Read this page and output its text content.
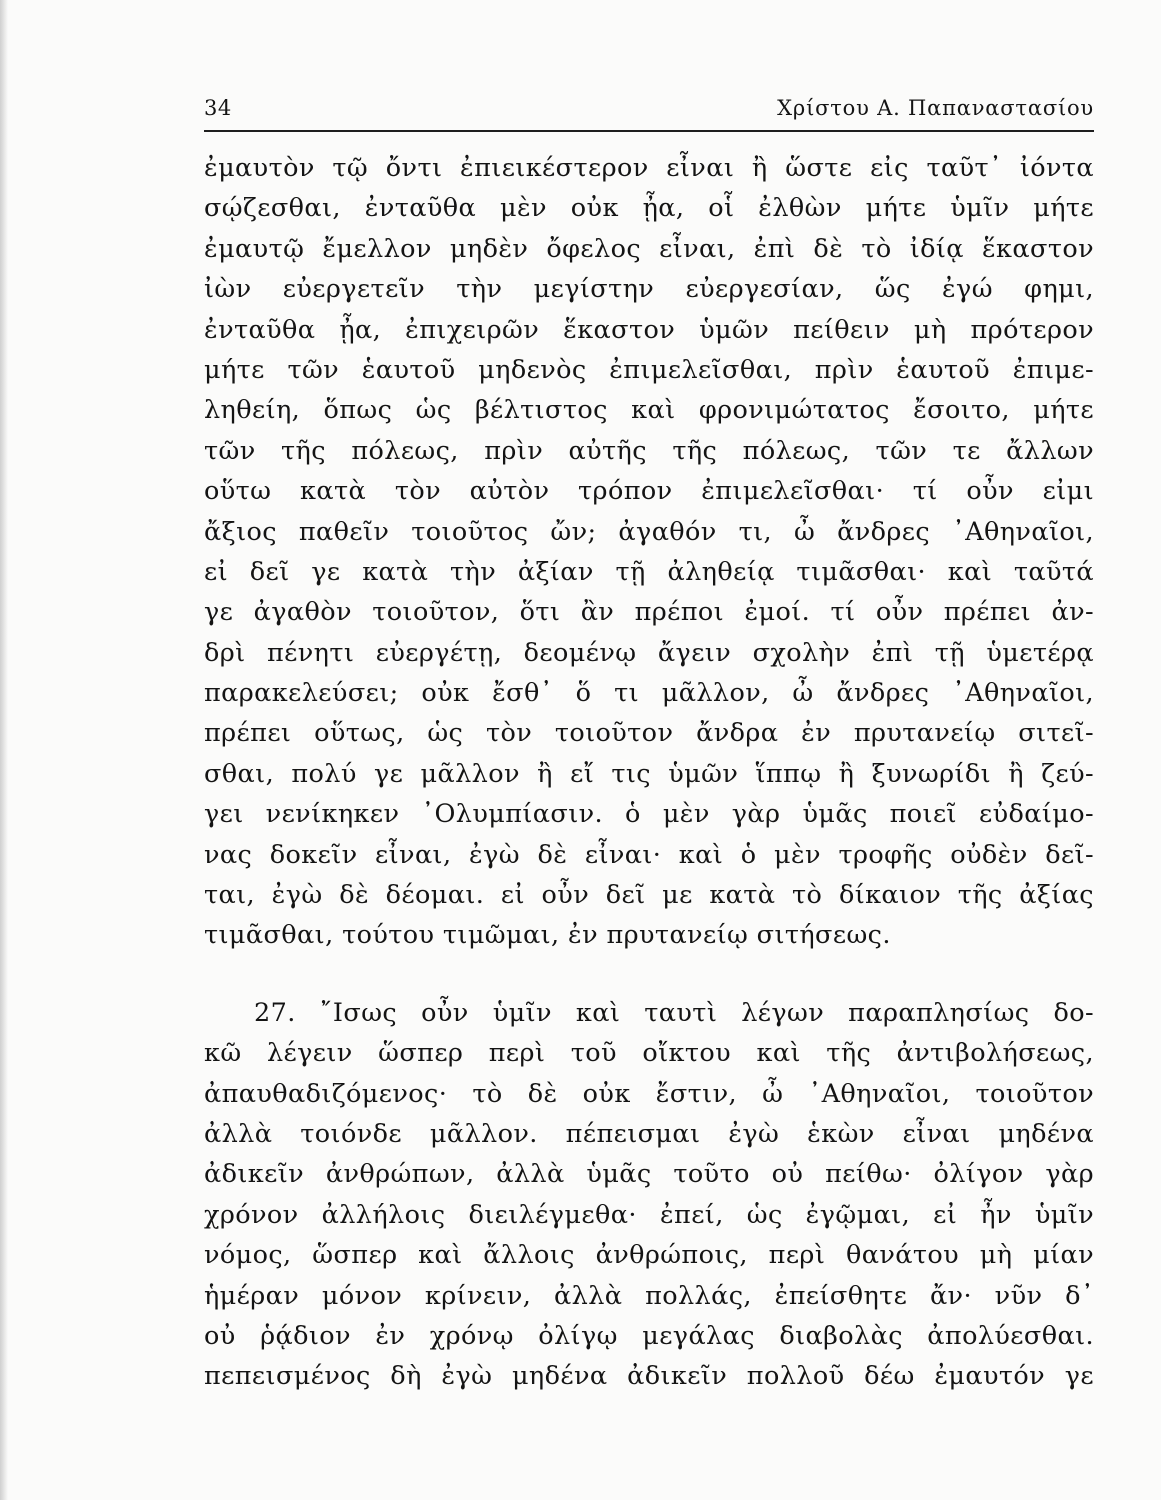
34	Χρίστου Α. Παπαναστασίου
ἐμαυτὸν τῷ ὄντι ἐπιεικέστερον εἶναι ἢ ὥστε εἰς ταῦτ᾽ ἰόντα
σῴζεσθαι, ἐνταῦθα μὲν οὐκ ᾖα, οἷ ἐλθὼν μήτε ὑμῖν μήτε
ἐμαυτῷ ἔμελλον μηδὲν ὄφελος εἶναι, ἐπὶ δὲ τὸ ἰδίᾳ ἕκαστον
ἰὼν εὐεργετεῖν τὴν μεγίστην εὐεργεσίαν, ὥς ἐγώ φημι,
ἐνταῦθα ᾖα, ἐπιχειρῶν ἕκαστον ὑμῶν πείθειν μὴ πρότερον
μήτε τῶν ἑαυτοῦ μηδενὸς ἐπιμελεῖσθαι, πρὶν ἑαυτοῦ ἐπιμε-
ληθείη, ὅπως ὡς βέλτιστος καὶ φρονιμώτατος ἔσοιτο, μήτε
τῶν τῆς πόλεως, πρὶν αὐτῆς τῆς πόλεως, τῶν τε ἄλλων
οὕτω κατὰ τὸν αὐτὸν τρόπον ἐπιμελεῖσθαι· τί οὖν εἰμι
ἄξιος παθεῖν τοιοῦτος ὤν; ἀγαθόν τι, ὦ ἄνδρες ᾽Αθηναῖοι,
εἰ δεῖ γε κατὰ τὴν ἀξίαν τῇ ἀληθείᾳ τιμᾶσθαι· καὶ ταῦτά
γε ἀγαθὸν τοιοῦτον, ὅτι ἂν πρέποι ἐμοί. τί οὖν πρέπει ἀν-
δρὶ πένητι εὐεργέτῃ, δεομένῳ ἄγειν σχολὴν ἐπὶ τῇ ὑμετέρᾳ
παρακελεύσει; οὐκ ἔσθ᾽ ὅ τι μᾶλλον, ὦ ἄνδρες ᾽Αθηναῖοι,
πρέπει οὕτως, ὡς τὸν τοιοῦτον ἄνδρα ἐν πρυτανείῳ σιτεῖ-
σθαι, πολύ γε μᾶλλον ἢ εἴ τις ὑμῶν ἵππῳ ἢ ξυνωρίδι ἢ ζεύ-
γει νενίκηκεν ᾽Ολυμπίασιν. ὁ μὲν γὰρ ὑμᾶς ποιεῖ εὐδαίμο-
νας δοκεῖν εἶναι, ἐγὼ δὲ εἶναι· καὶ ὁ μὲν τροφῆς οὐδὲν δεῖ-
ται, ἐγὼ δὲ δέομαι. εἰ οὖν δεῖ με κατὰ τὸ δίκαιον τῆς ἀξίας
τιμᾶσθαι, τούτου τιμῶμαι, ἐν πρυτανείῳ σιτήσεως.
27. ῎Ισως οὖν ὑμῖν καὶ ταυτὶ λέγων παραπλησίως δο-
κῶ λέγειν ὥσπερ περὶ τοῦ οἴκτου καὶ τῆς ἀντιβολήσεως,
ἀπαυθαδιζόμενος· τὸ δὲ οὐκ ἔστιν, ὦ ᾽Αθηναῖοι, τοιοῦτον
ἀλλὰ τοιόνδε μᾶλλον. πέπεισμαι ἐγὼ ἑκὼν εἶναι μηδένα
ἀδικεῖν ἀνθρώπων, ἀλλὰ ὑμᾶς τοῦτο οὐ πείθω· ὀλίγον γὰρ
χρόνον ἀλλήλοις διειλέγμεθα· ἐπεί, ὡς ἐγῷμαι, εἰ ἦν ὑμῖν
νόμος, ὥσπερ καὶ ἄλλοις ἀνθρώποις, περὶ θανάτου μὴ μίαν
ἡμέραν μόνον κρίνειν, ἀλλὰ πολλάς, ἐπείσθητε ἄν· νῦν δ᾽
οὐ ῥᾴδιον ἐν χρόνῳ ὀλίγῳ μεγάλας διαβολὰς ἀπολύεσθαι.
πεπεισμένος δὴ ἐγὼ μηδένα ἀδικεῖν πολλοῦ δέω ἐμαυτόν γε
